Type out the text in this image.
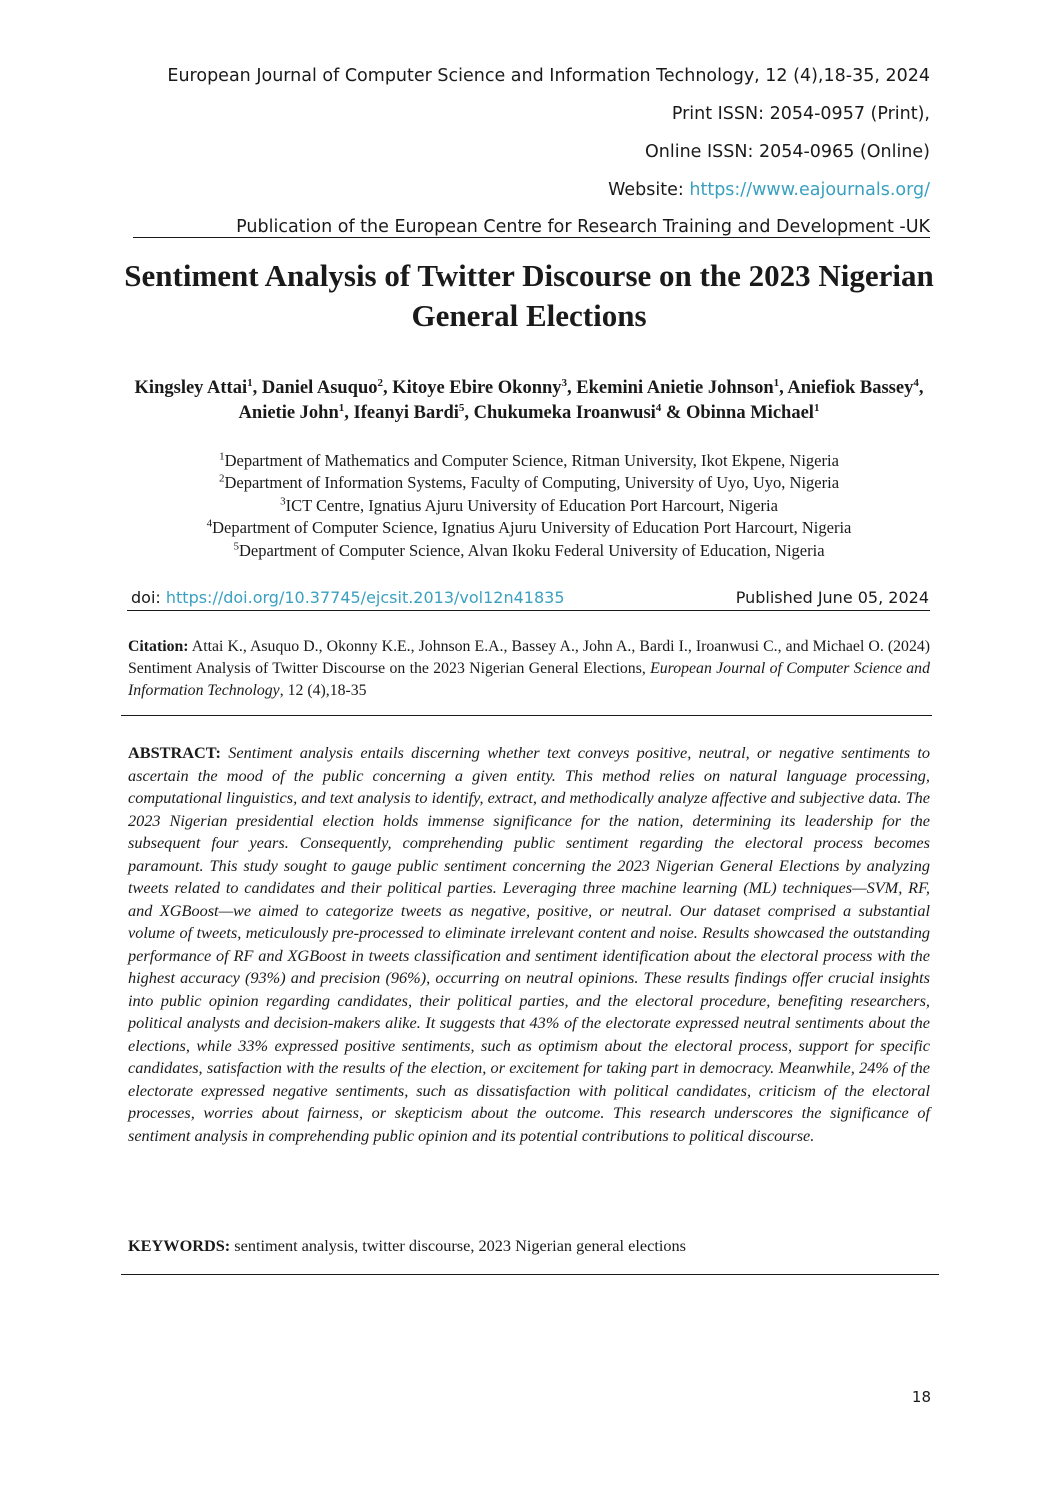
European Journal of Computer Science and Information Technology, 12 (4),18-35, 2024
Print ISSN: 2054-0957 (Print),
Online ISSN: 2054-0965 (Online)
Website: https://www.eajournals.org/
Publication of the European Centre for Research Training and Development -UK
Sentiment Analysis of Twitter Discourse on the 2023 Nigerian General Elections
Kingsley Attai$^1$, Daniel Asuquo$^2$, Kitoye Ebire Okonny$^3$, Ekemini Anietie Johnson$^1$, Aniefiok Bassey$^4$, Anietie John$^1$, Ifeanyi Bardi$^5$, Chukumeka Iroanwusi$^4$ & Obinna Michael$^1$
$^1$Department of Mathematics and Computer Science, Ritman University, Ikot Ekpene, Nigeria
$^2$Department of Information Systems, Faculty of Computing, University of Uyo, Uyo, Nigeria
$^3$ICT Centre, Ignatius Ajuru University of Education Port Harcourt, Nigeria
$^4$Department of Computer Science, Ignatius Ajuru University of Education Port Harcourt, Nigeria
$^5$Department of Computer Science, Alvan Ikoku Federal University of Education, Nigeria
doi: https://doi.org/10.37745/ejcsit.2013/vol12n41835	Published June 05, 2024
Citation: Attai K., Asuquo D., Okonny K.E., Johnson E.A., Bassey A., John A., Bardi I., Iroanwusi C., and Michael O. (2024) Sentiment Analysis of Twitter Discourse on the 2023 Nigerian General Elections, European Journal of Computer Science and Information Technology, 12 (4),18-35
ABSTRACT: Sentiment analysis entails discerning whether text conveys positive, neutral, or negative sentiments to ascertain the mood of the public concerning a given entity. This method relies on natural language processing, computational linguistics, and text analysis to identify, extract, and methodically analyze affective and subjective data. The 2023 Nigerian presidential election holds immense significance for the nation, determining its leadership for the subsequent four years. Consequently, comprehending public sentiment regarding the electoral process becomes paramount. This study sought to gauge public sentiment concerning the 2023 Nigerian General Elections by analyzing tweets related to candidates and their political parties. Leveraging three machine learning (ML) techniques—SVM, RF, and XGBoost—we aimed to categorize tweets as negative, positive, or neutral. Our dataset comprised a substantial volume of tweets, meticulously pre-processed to eliminate irrelevant content and noise. Results showcased the outstanding performance of RF and XGBoost in tweets classification and sentiment identification about the electoral process with the highest accuracy (93%) and precision (96%), occurring on neutral opinions. These results findings offer crucial insights into public opinion regarding candidates, their political parties, and the electoral procedure, benefiting researchers, political analysts and decision-makers alike. It suggests that 43% of the electorate expressed neutral sentiments about the elections, while 33% expressed positive sentiments, such as optimism about the electoral process, support for specific candidates, satisfaction with the results of the election, or excitement for taking part in democracy. Meanwhile, 24% of the electorate expressed negative sentiments, such as dissatisfaction with political candidates, criticism of the electoral processes, worries about fairness, or skepticism about the outcome. This research underscores the significance of sentiment analysis in comprehending public opinion and its potential contributions to political discourse.
KEYWORDS: sentiment analysis, twitter discourse, 2023 Nigerian general elections
18
